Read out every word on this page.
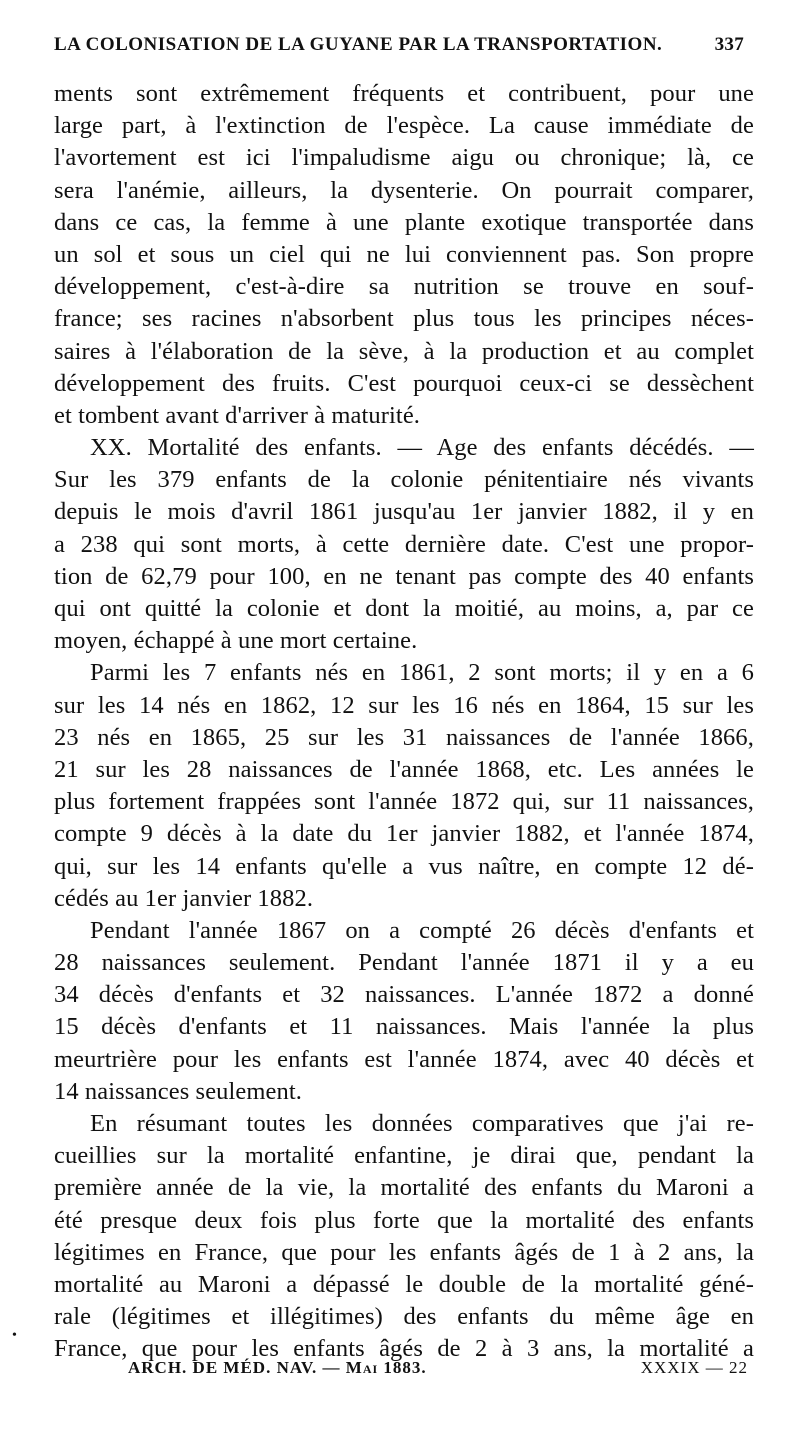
LA COLONISATION DE LA GUYANE PAR LA TRANSPORTATION.	337
ments sont extrêmement fréquents et contribuent, pour une
large part, à l'extinction de l'espèce. La cause immédiate de
l'avortement est ici l'impaludisme aigu ou chronique; là, ce
sera l'anémie, ailleurs, la dysenterie. On pourrait comparer,
dans ce cas, la femme à une plante exotique transportée dans
un sol et sous un ciel qui ne lui conviennent pas. Son propre
développement, c'est-à-dire sa nutrition se trouve en souf-
france; ses racines n'absorbent plus tous les principes néces-
saires à l'élaboration de la sève, à la production et au complet
développement des fruits. C'est pourquoi ceux-ci se dessèchent
et tombent avant d'arriver à maturité.
XX. Mortalité des enfants. — Age des enfants décédés. —
Sur les 379 enfants de la colonie pénitentiaire nés vivants
depuis le mois d'avril 1861 jusqu'au 1er janvier 1882, il y en
a 238 qui sont morts, à cette dernière date. C'est une propor-
tion de 62,79 pour 100, en ne tenant pas compte des 40 enfants
qui ont quitté la colonie et dont la moitié, au moins, a, par ce
moyen, échappé à une mort certaine.
Parmi les 7 enfants nés en 1861, 2 sont morts; il y en a 6
sur les 14 nés en 1862, 12 sur les 16 nés en 1864, 15 sur les
23 nés en 1865, 25 sur les 31 naissances de l'année 1866,
21 sur les 28 naissances de l'année 1868, etc. Les années le
plus fortement frappées sont l'année 1872 qui, sur 11 naissances,
compte 9 décès à la date du 1er janvier 1882, et l'année 1874,
qui, sur les 14 enfants qu'elle a vus naître, en compte 12 dé-
cédés au 1er janvier 1882.
Pendant l'année 1867 on a compté 26 décès d'enfants et
28 naissances seulement. Pendant l'année 1871 il y a eu
34 décès d'enfants et 32 naissances. L'année 1872 a donné
15 décès d'enfants et 11 naissances. Mais l'année la plus
meurtrière pour les enfants est l'année 1874, avec 40 décès et
14 naissances seulement.
En résumant toutes les données comparatives que j'ai re-
cueillies sur la mortalité enfantine, je dirai que, pendant la
première année de la vie, la mortalité des enfants du Maroni a
été presque deux fois plus forte que la mortalité des enfants
légitimes en France, que pour les enfants âgés de 1 à 2 ans, la
mortalité au Maroni a dépassé le double de la mortalité géné-
rale (légitimes et illégitimes) des enfants du même âge en
France, que pour les enfants âgés de 2 à 3 ans, la mortalité a
•
ARCH. DE MÉD. NAV. — Mai 1883.	XXXIX — 22
